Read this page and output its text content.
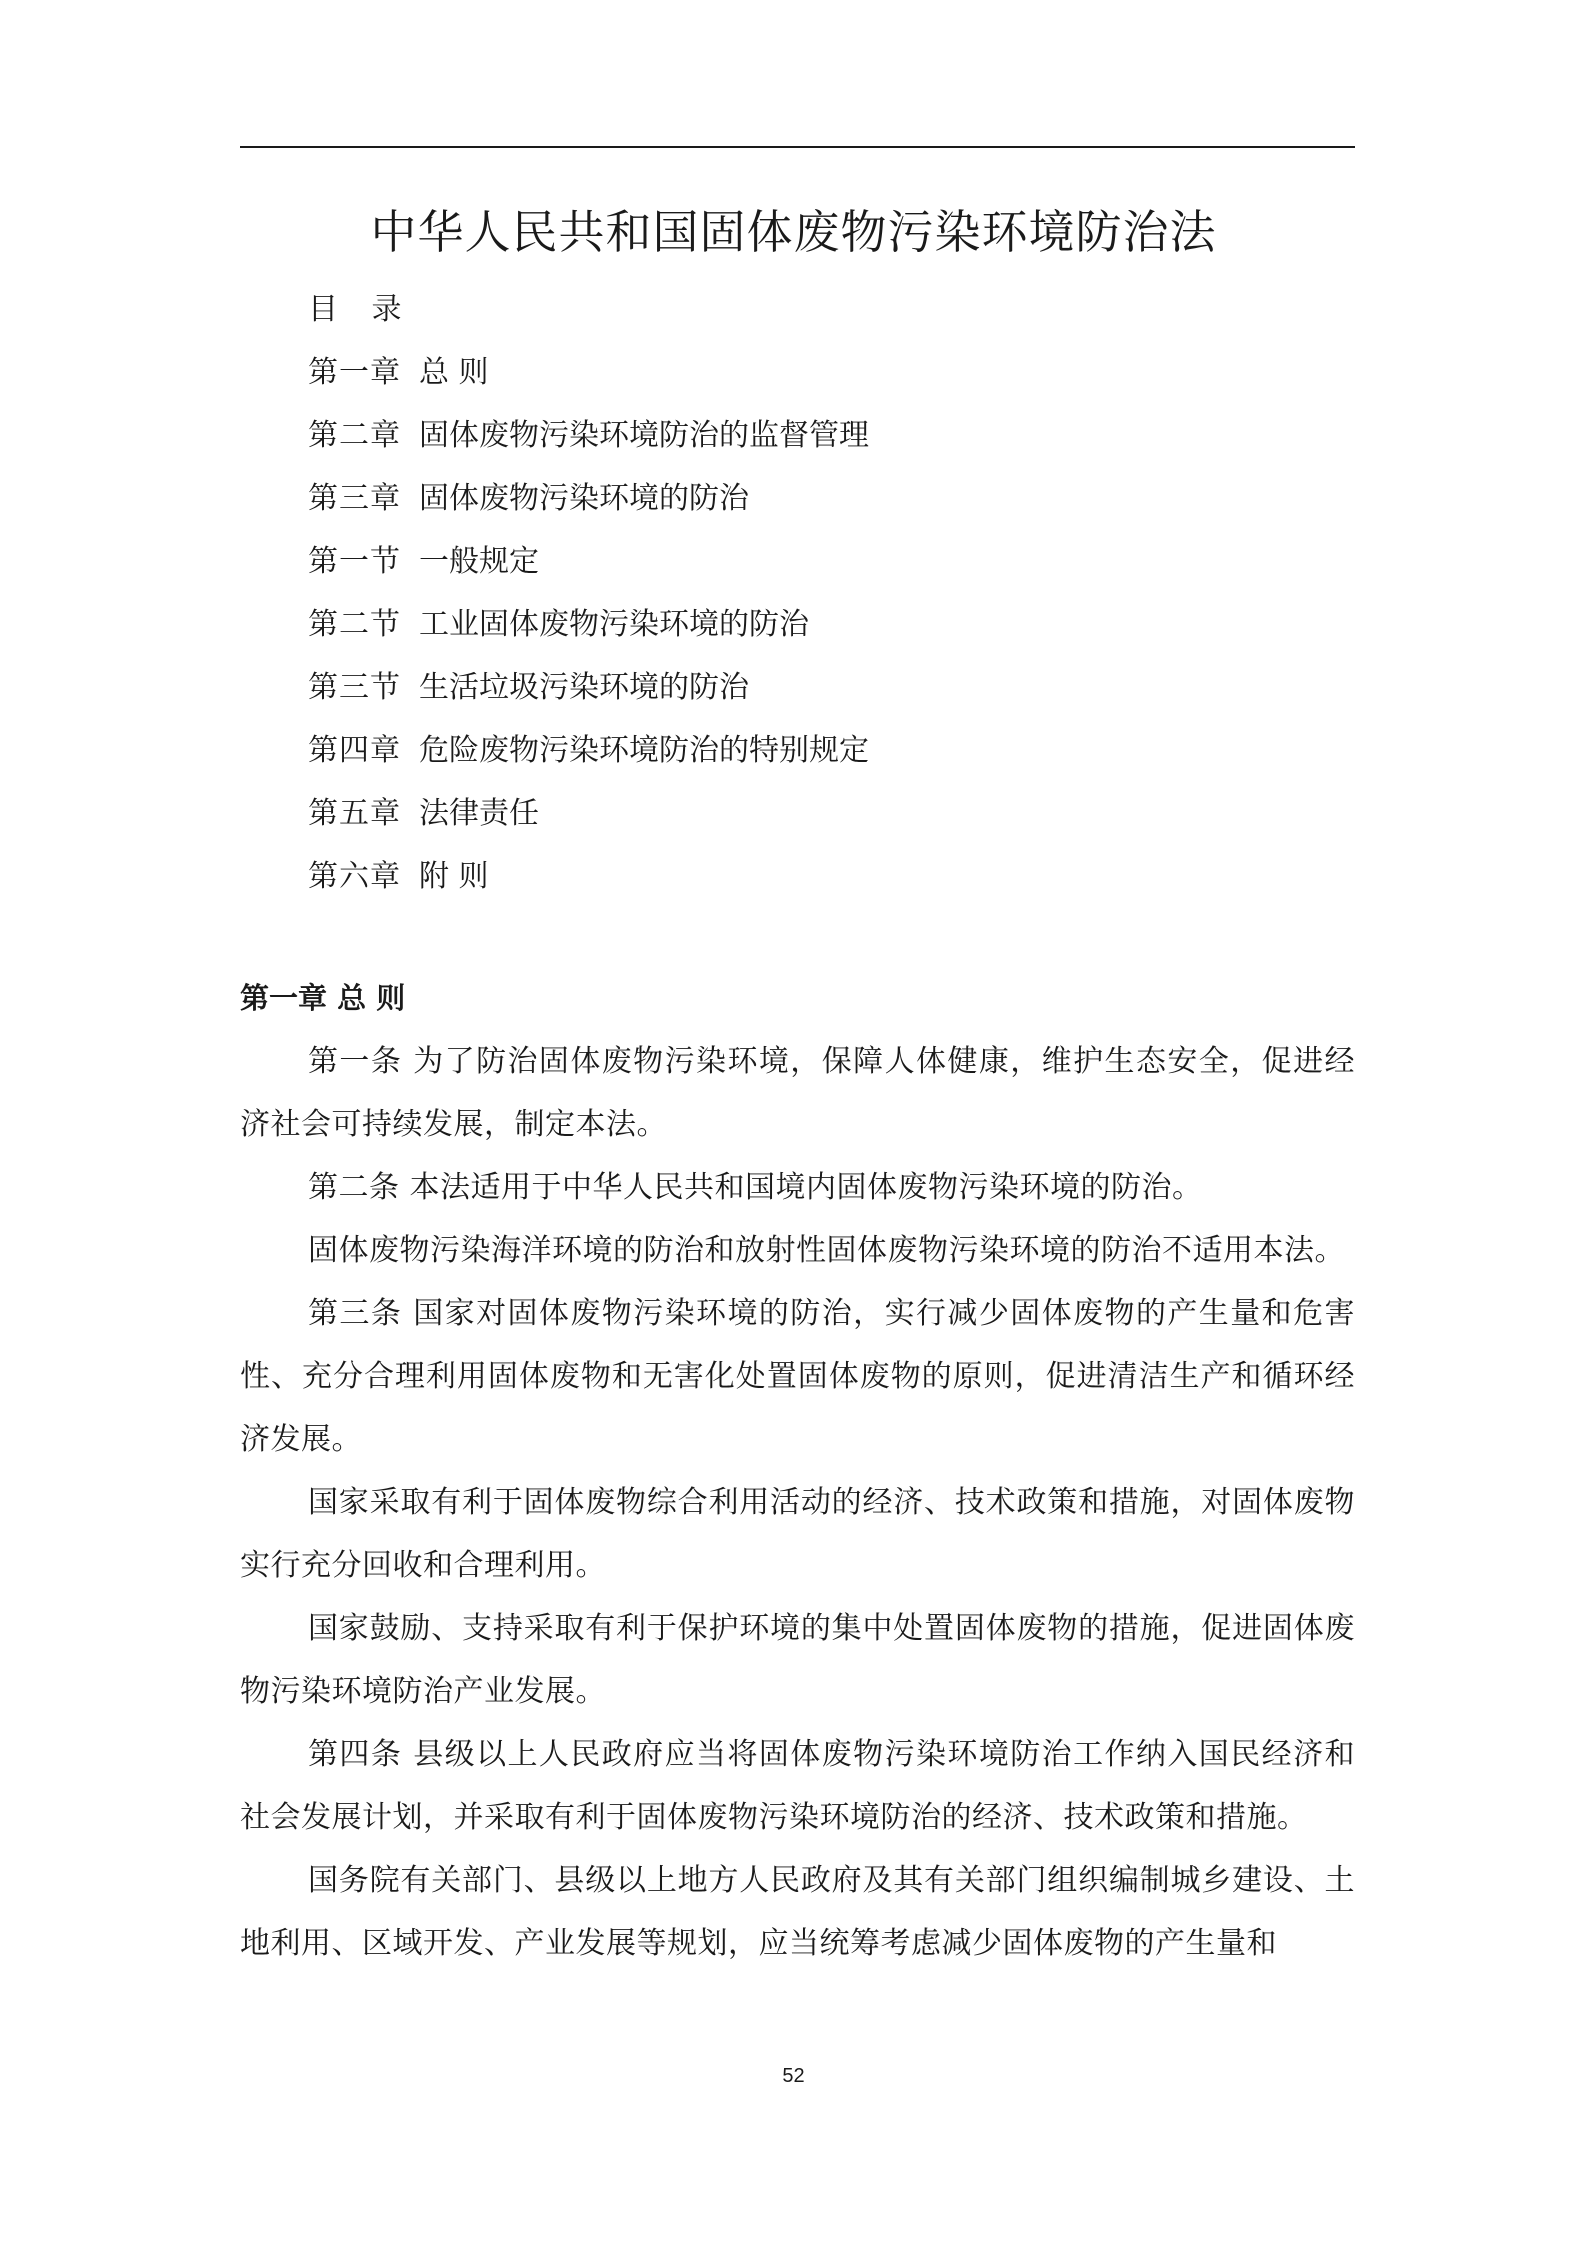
中华人民共和国固体废物污染环境防治法
目 录
第一章 总 则
第二章 固体废物污染环境防治的监督管理
第三章 固体废物污染环境的防治
第一节 一般规定
第二节 工业固体废物污染环境的防治
第三节 生活垃圾污染环境的防治
第四章 危险废物污染环境防治的特别规定
第五章 法律责任
第六章 附 则
第一章 总 则

第一条 为了防治固体废物污染环境，保障人体健康，维护生态安全，促进经济社会可持续发展，制定本法。

第二条 本法适用于中华人民共和国境内固体废物污染环境的防治。

固体废物污染海洋环境的防治和放射性固体废物污染环境的防治不适用本法。

第三条 国家对固体废物污染环境的防治，实行减少固体废物的产生量和危害性、充分合理利用固体废物和无害化处置固体废物的原则，促进清洁生产和循环经济发展。

国家采取有利于固体废物综合利用活动的经济、技术政策和措施，对固体废物实行充分回收和合理利用。

国家鼓励、支持采取有利于保护环境的集中处置固体废物的措施，促进固体废物污染环境防治产业发展。

第四条 县级以上人民政府应当将固体废物污染环境防治工作纳入国民经济和社会发展计划，并采取有利于固体废物污染环境防治的经济、技术政策和措施。

国务院有关部门、县级以上地方人民政府及其有关部门组织编制城乡建设、土地利用、区域开发、产业发展等规划，应当统筹考虑减少固体废物的产生量和

52
